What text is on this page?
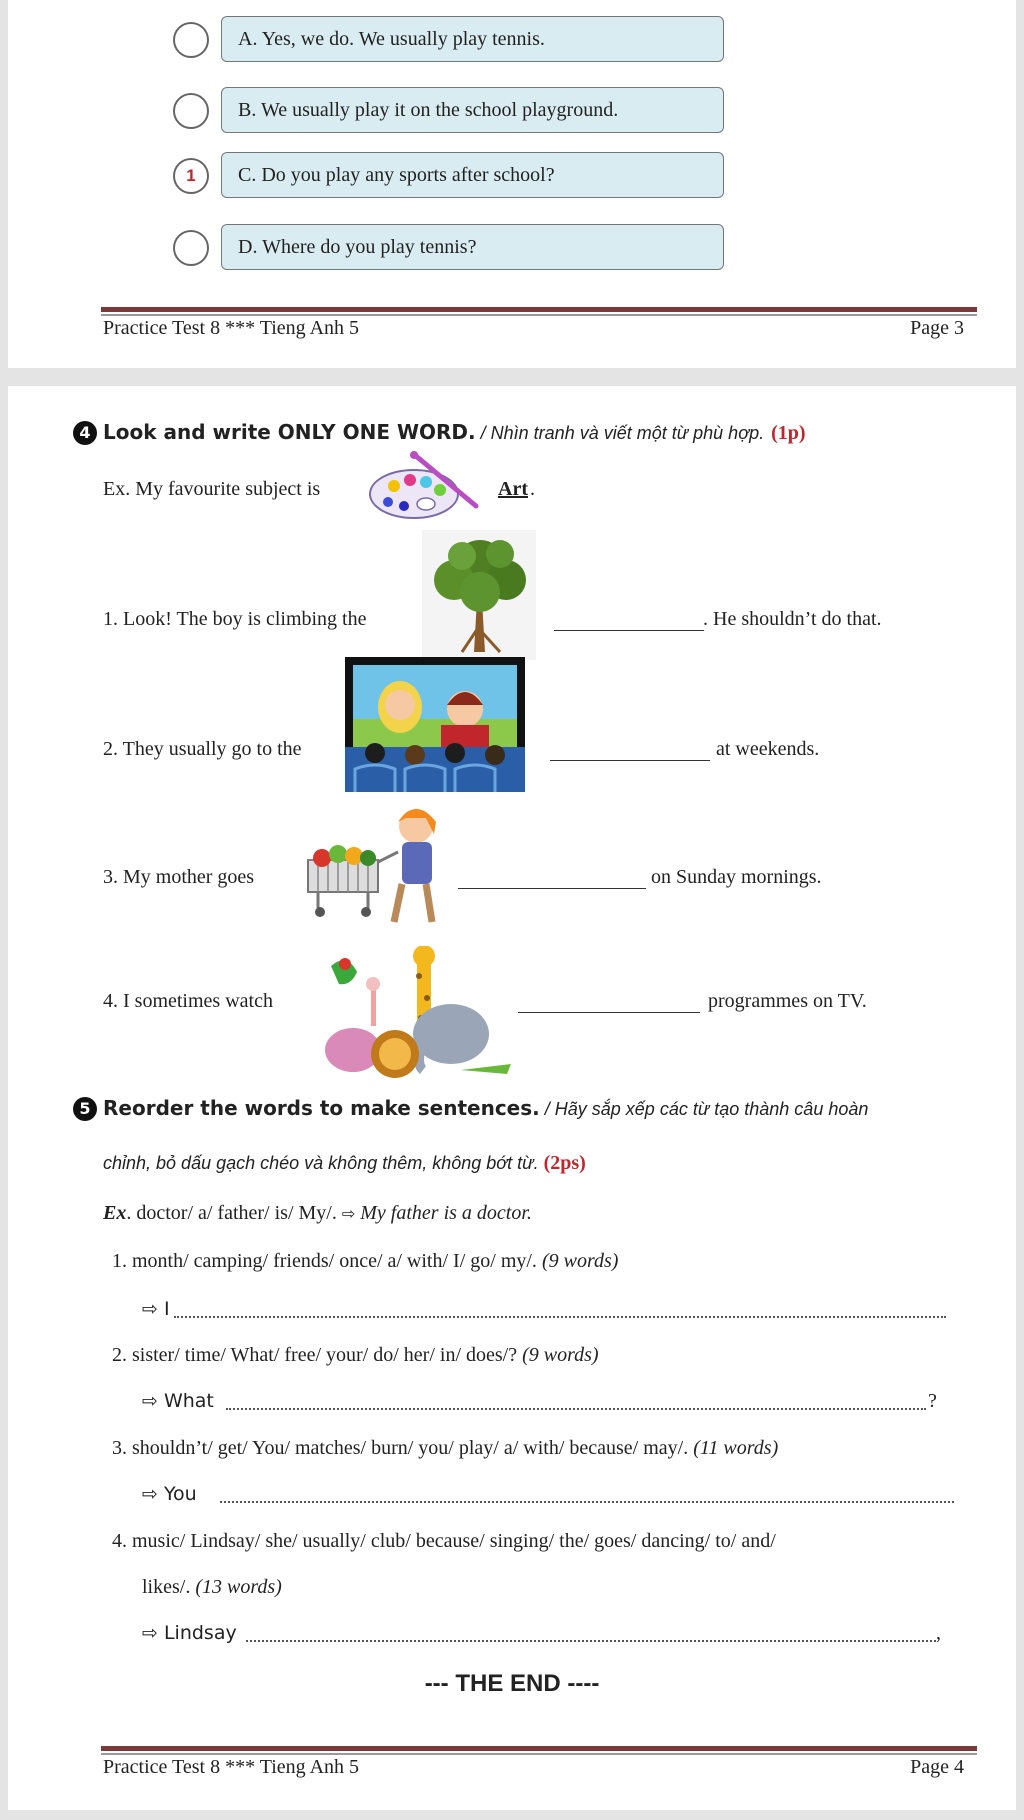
A. Yes, we do. We usually play tennis.
B. We usually play it on the school playground.
1	C. Do you play any sports after school?
D. Where do you play tennis?
Practice Test 8 *** Tieng Anh 5	Page 3
4 Look and write ONLY ONE WORD. / Nhìn tranh và viết một từ phù hợp. (1p)
Ex. My favourite subject is	Art .
1. Look! The boy is climbing the	. He shouldn’t do that.
2. They usually go to the	at weekends.
3. My mother goes	on Sunday mornings.
4. I sometimes watch	programmes on TV.
5 Reorder the words to make sentences. / Hãy sắp xếp các từ tạo thành câu hoàn
chỉnh, bỏ dấu gạch chéo và không thêm, không bớt từ. (2ps)
Ex. doctor/ a/ father/ is/ My/. ⇨ My father is a doctor.
1. month/ camping/ friends/ once/ a/ with/ I/ go/ my/. (9 words)
⇨ I
2. sister/ time/ What/ free/ your/ do/ her/ in/ does/? (9 words)
⇨ What	?
3. shouldn’t/ get/ You/ matches/ burn/ you/ play/ a/ with/ because/ may/. (11 words)
⇨ You
4. music/ Lindsay/ she/ usually/ club/ because/ singing/ the/ goes/ dancing/ to/ and/
likes/. (13 words)
⇨ Lindsay	,
--- THE END ----
Practice Test 8 *** Tieng Anh 5	Page 4
